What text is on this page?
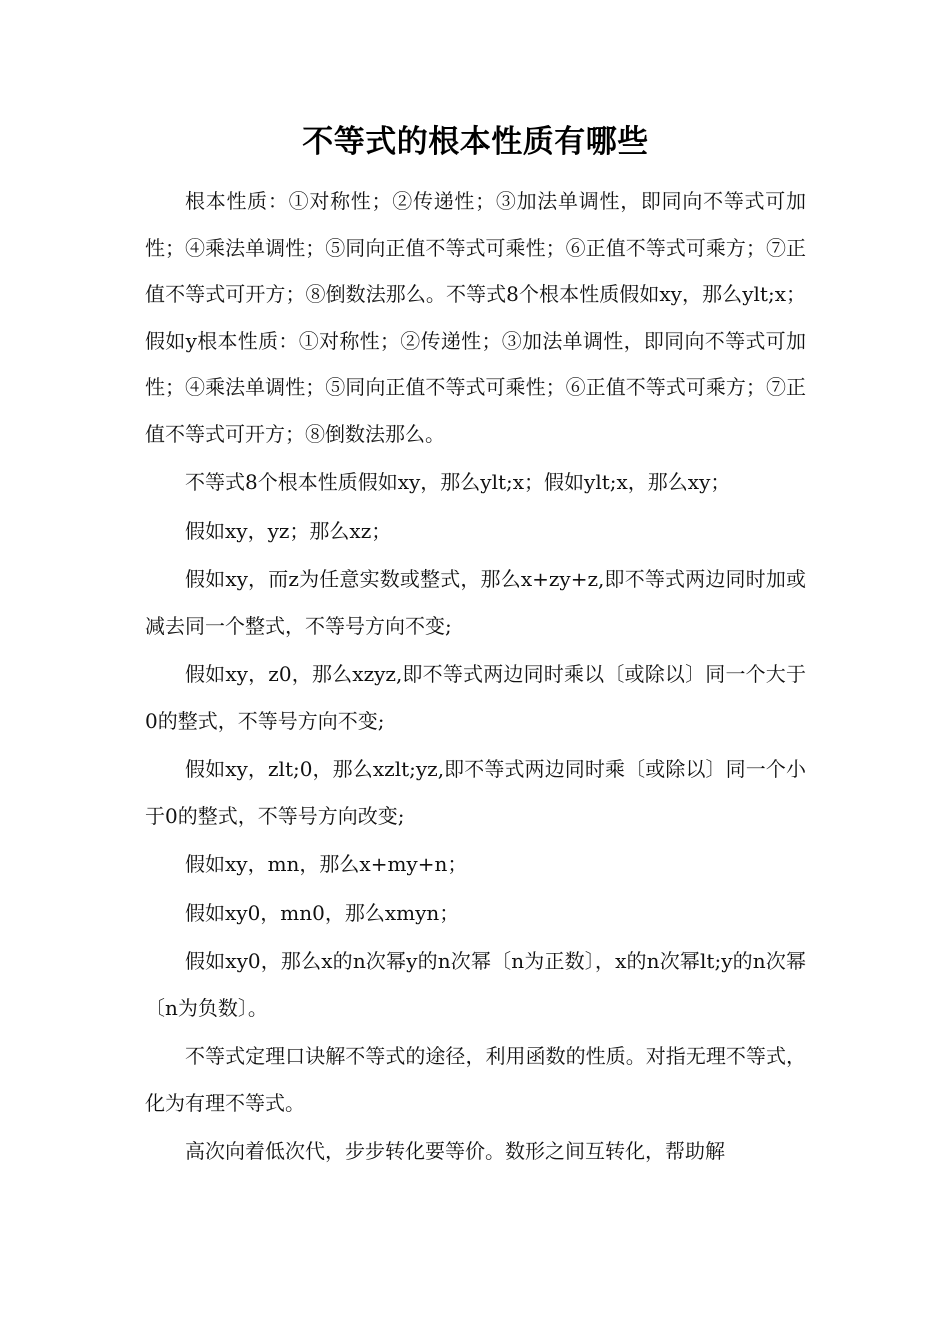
不等式的根本性质有哪些

根本性质：①对称性；②传递性；③加法单调性，即同向不等式可加性；④乘法单调性；⑤同向正值不等式可乘性；⑥正值不等式可乘方；⑦正值不等式可开方；⑧倒数法那么。不等式8个根本性质假如xy，那么ylt;x；假如y根本性质：①对称性；②传递性；③加法单调性，即同向不等式可加性；④乘法单调性；⑤同向正值不等式可乘性；⑥正值不等式可乘方；⑦正值不等式可开方；⑧倒数法那么。

不等式8个根本性质假如xy，那么ylt;x；假如ylt;x，那么xy；

假如xy，yz；那么xz；

假如xy，而z为任意实数或整式，那么x+zy+z,即不等式两边同时加或减去同一个整式，不等号方向不变;

假如xy，z0，那么xzyz,即不等式两边同时乘以〔或除以〕同一个大于0的整式，不等号方向不变;

假如xy，zlt;0，那么xzlt;yz,即不等式两边同时乘〔或除以〕同一个小于0的整式，不等号方向改变;

假如xy，mn，那么x+my+n；

假如xy0，mn0，那么xmyn；

假如xy0，那么x的n次幂y的n次幂〔n为正数〕，x的n次幂lt;y的n次幂〔n为负数〕。

不等式定理口诀解不等式的途径，利用函数的性质。对指无理不等式，化为有理不等式。

高次向着低次代，步步转化要等价。数形之间互转化，帮助解
